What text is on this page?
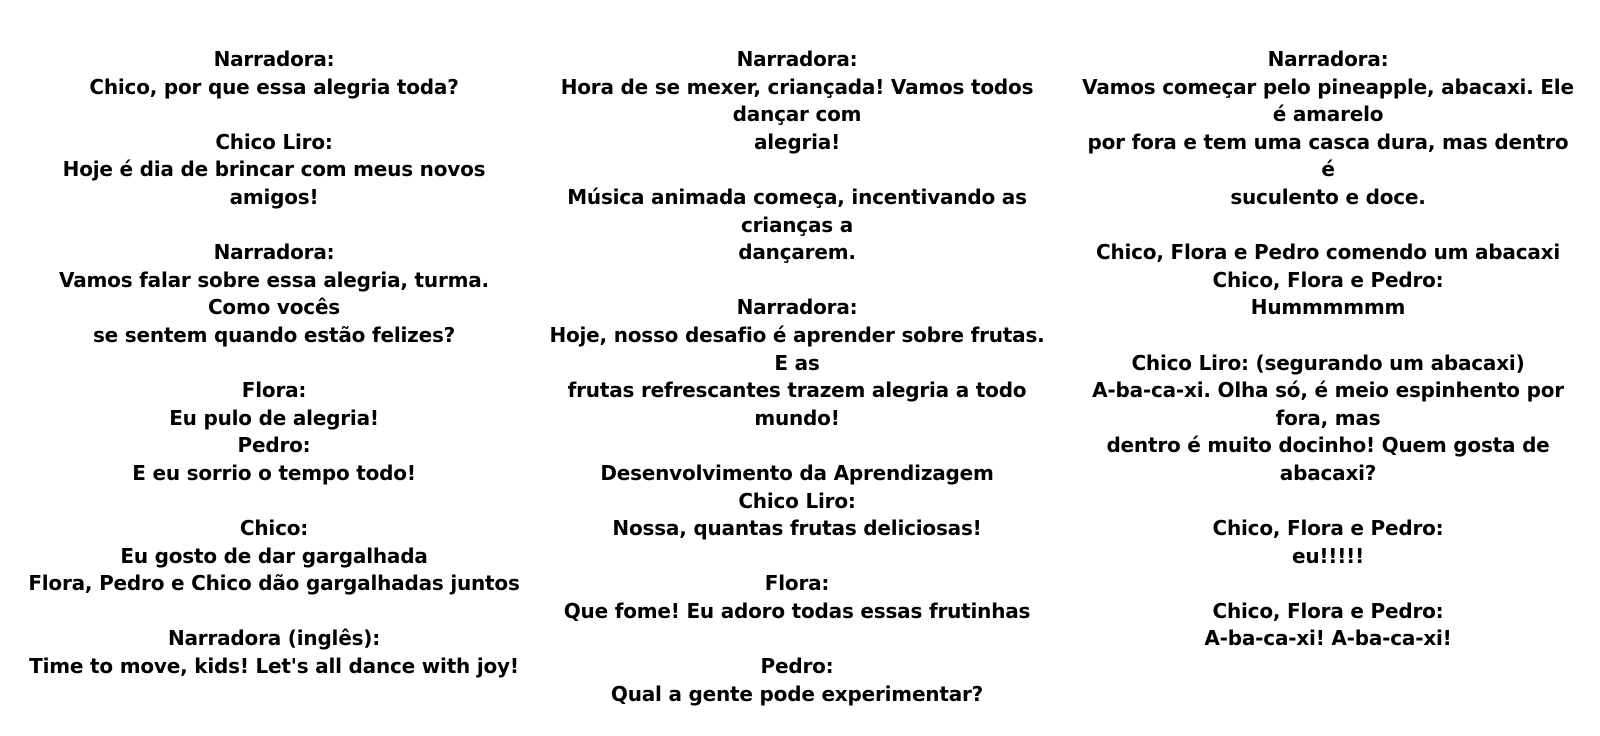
Narradora:
Chico, por que essa alegria toda?
Chico Liro:
Hoje é dia de brincar com meus novos amigos!
Narradora:
Vamos falar sobre essa alegria, turma. Como vocês
se sentem quando estão felizes?
Flora:
Eu pulo de alegria!
Pedro:
E eu sorrio o tempo todo!
Chico:
Eu gosto de dar gargalhada
Flora, Pedro e Chico dão gargalhadas juntos
Narradora (inglês):
Time to move, kids! Let's all dance with joy!
Narradora:
Hora de se mexer, criançada! Vamos todos dançar com
alegria!
Música animada começa, incentivando as crianças a
dançarem.
Narradora:
Hoje, nosso desafio é aprender sobre frutas. E as
frutas refrescantes trazem alegria a todo mundo!
Desenvolvimento da Aprendizagem
Chico Liro:
Nossa, quantas frutas deliciosas!
Flora:
Que fome! Eu adoro todas essas frutinhas
Pedro:
Qual a gente pode experimentar?
Narradora:
Vamos começar pelo pineapple, abacaxi. Ele é amarelo
por fora e tem uma casca dura, mas dentro é
suculento e doce.
Chico, Flora e Pedro comendo um abacaxi
Chico, Flora e Pedro:
Hummmmmm
Chico Liro: (segurando um abacaxi)
A-ba-ca-xi. Olha só, é meio espinhento por fora, mas
dentro é muito docinho! Quem gosta de abacaxi?
Chico, Flora e Pedro:
eu!!!!!
Chico, Flora e Pedro:
A-ba-ca-xi! A-ba-ca-xi!
